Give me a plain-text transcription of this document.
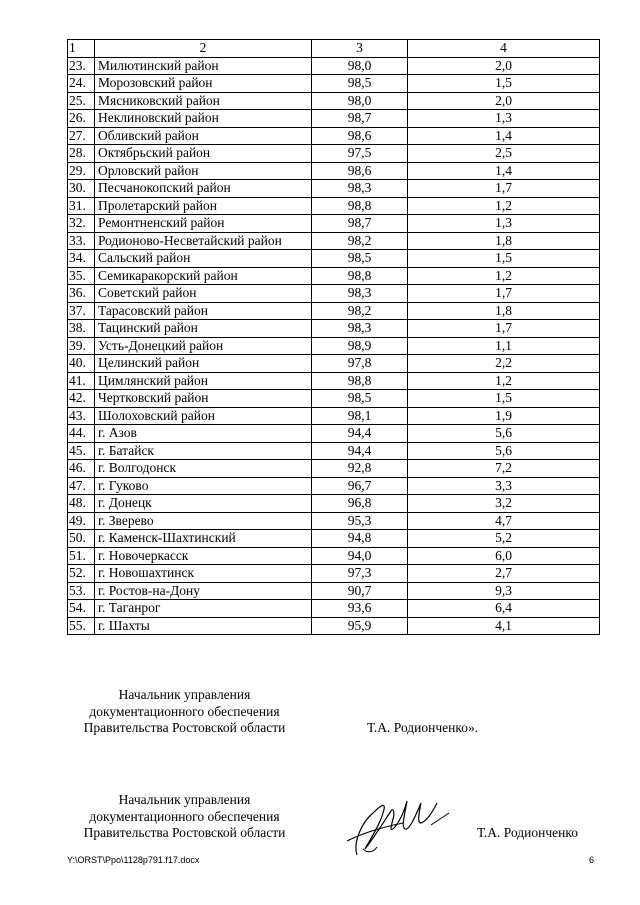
1	2	3	4
23.	Милютинский район	98,0	2,0
24.	Морозовский район	98,5	1,5
25.	Мясниковский район	98,0	2,0
26.	Неклиновский район	98,7	1,3
27.	Обливский район	98,6	1,4
28.	Октябрьский район	97,5	2,5
29.	Орловский район	98,6	1,4
30.	Песчанокопский район	98,3	1,7
31.	Пролетарский район	98,8	1,2
32.	Ремонтненский район	98,7	1,3
33.	Родионово-Несветайский район	98,2	1,8
34.	Сальский район	98,5	1,5
35.	Семикаракорский район	98,8	1,2
36.	Советский район	98,3	1,7
37.	Тарасовский район	98,2	1,8
38.	Тацинский район	98,3	1,7
39.	Усть-Донецкий район	98,9	1,1
40.	Целинский район	97,8	2,2
41.	Цимлянский район	98,8	1,2
42.	Чертковский район	98,5	1,5
43.	Шолоховский район	98,1	1,9
44.	г. Азов	94,4	5,6
45.	г. Батайск	94,4	5,6
46.	г. Волгодонск	92,8	7,2
47.	г. Гуково	96,7	3,3
48.	г. Донецк	96,8	3,2
49.	г. Зверево	95,3	4,7
50.	г. Каменск-Шахтинский	94,8	5,2
51.	г. Новочеркасск	94,0	6,0
52.	г. Новошахтинск	97,3	2,7
53.	г. Ростов-на-Дону	90,7	9,3
54.	г. Таганрог	93,6	6,4
55.	г. Шахты	95,9	4,1
Начальник управления
документационного обеспечения
Правительства Ростовской области	Т.А. Родионченко».
Начальник управления
документационного обеспечения
Правительства Ростовской области	Т.А. Родионченко
Y:\ORST\Ppo\1128p791.f17.docx	6
